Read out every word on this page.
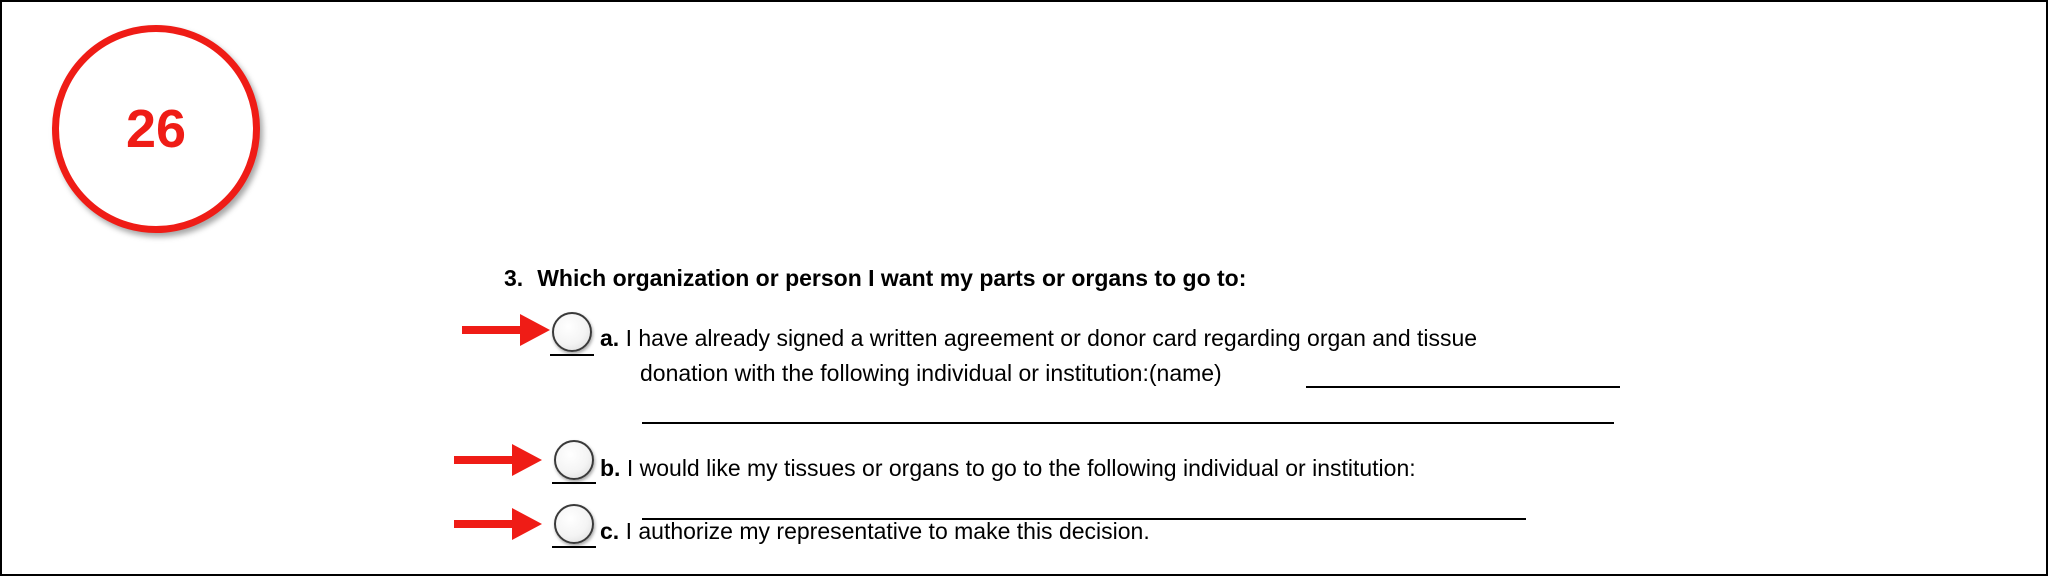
26
3. Which organization or person I want my parts or organs to go to:
a. I have already signed a written agreement or donor card regarding organ and tissue
donation with the following individual or institution:(name)
b. I would like my tissues or organs to go to the following individual or institution:
c. I authorize my representative to make this decision.
